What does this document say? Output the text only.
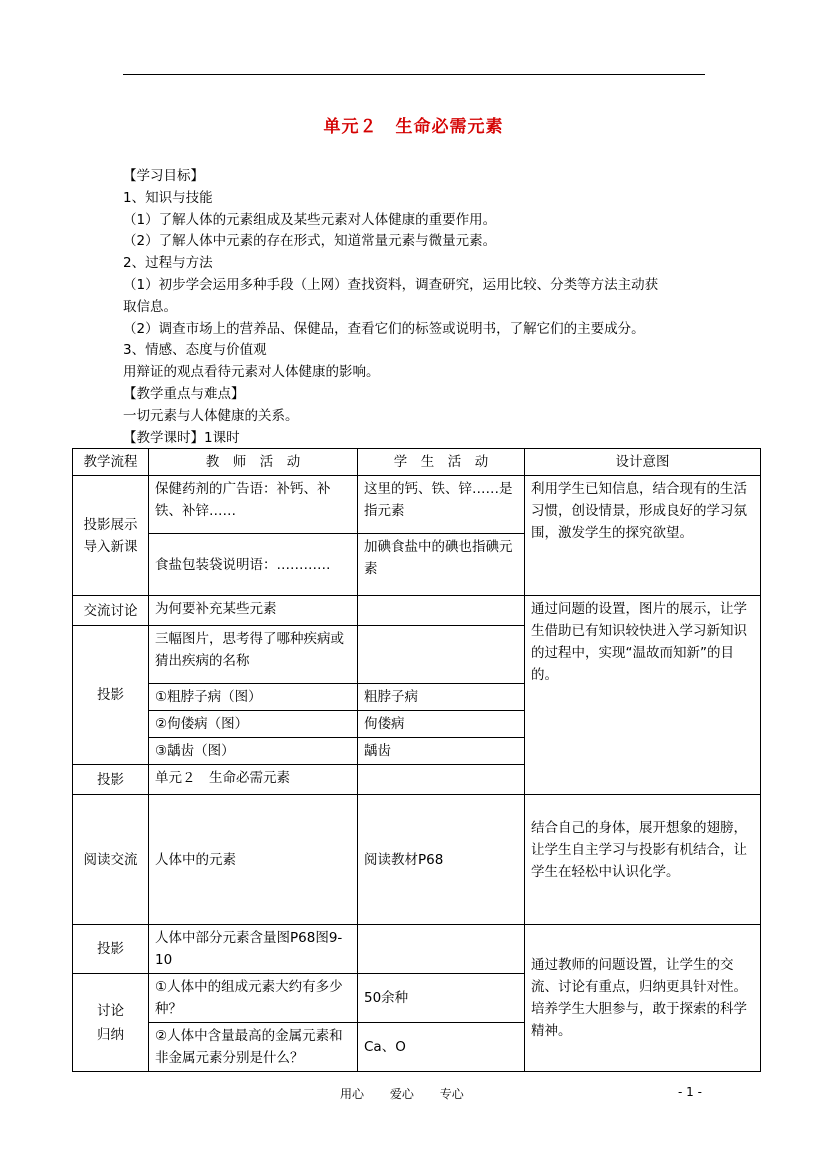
单元２　生命必需元素
【学习目标】
1、知识与技能
（1）了解人体的元素组成及某些元素对人体健康的重要作用。
（2）了解人体中元素的存在形式，知道常量元素与微量元素。
2、过程与方法
（1）初步学会运用多种手段（上网）查找资料，调查研究，运用比较、分类等方法主动获
取信息。
（2）调查市场上的营养品、保健品，查看它们的标签或说明书，了解它们的主要成分。
3、情感、态度与价值观
用辩证的观点看待元素对人体健康的影响。
【教学重点与难点】
一切元素与人体健康的关系。
【教学课时】1课时
教学流程	教　师　活　动	学　生　活　动	设计意图
投影展示导入新课	保健药剂的广告语：补钙、补铁、补锌……	这里的钙、铁、锌……是指元素	利用学生已知信息，结合现有的生活习惯，创设情景，形成良好的学习氛围，激发学生的探究欲望。
	食盐包装袋说明语：…………	加碘食盐中的碘也指碘元素	
交流讨论	为何要补充某些元素		通过问题的设置，图片的展示，让学生借助已有知识较快进入学习新知识的过程中，实现“温故而知新”的目的。
投影	三幅图片，思考得了哪种疾病或猜出疾病的名称		
	①粗脖子病（图）	粗脖子病	
	②佝偻病（图）	佝偻病	
	③龋齿（图）	龋齿	
投影	单元２　生命必需元素		
阅读交流	人体中的元素	阅读教材P68	结合自己的身体，展开想象的翅膀，让学生自主学习与投影有机结合，让学生在轻松中认识化学。
投影	人体中部分元素含量图P68图9-10		通过教师的问题设置，让学生的交流、讨论有重点，归纳更具针对性。培养学生大胆参与，敢于探索的科学精神。
讨论归纳	①人体中的组成元素大约有多少种？	50余种	
	②人体中含量最高的金属元素和非金属元素分别是什么？	Ca、O	
用心 爱心 专心	- 1 -
